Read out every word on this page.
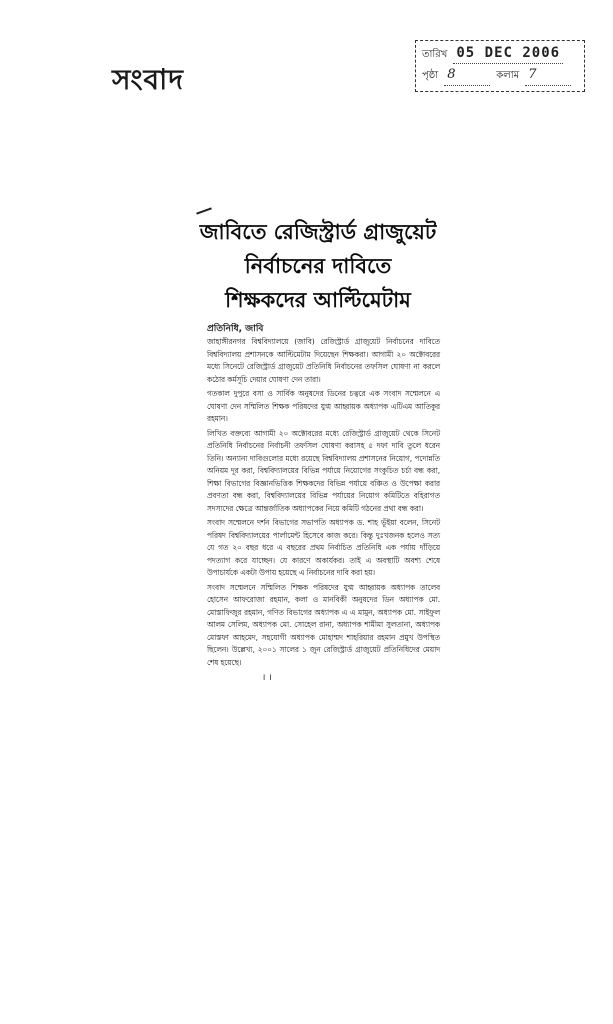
সংবাদ
তারিখ 05 DEC 2006
পৃষ্ঠা 8	কলাম 7
জাবিতে রেজিস্ট্রার্ড গ্রাজুয়েট
নির্বাচনের দাবিতে
শিক্ষকদের আল্টিমেটাম
প্রতিনিধি, জাবি

জাহাঙ্গীরনগর বিশ্ববিদ্যালয়ে (জাবি) রেজিস্ট্রার্ড গ্রাজুয়েট নির্বাচনের দাবিতে বিশ্ববিদ্যালয় প্রশাসনকে আল্টিমেটাম দিয়েছেন শিক্ষকরা। আগামী ২০ অক্টোবরের মধ্যে সিনেটে রেজিস্ট্রার্ড গ্রাজুয়েট প্রতিনিধি নির্বাচনের তফসিল ঘোষণা না করলে কঠোর কর্মসূচি দেয়ার ঘোষণা দেন তারা।

গতকাল দুপুরে বসা ও সার্বিক অনুষদের ডিনের চত্বরে এক সংবাদ সম্মেলনে এ ঘোষণা দেন সম্মিলিত শিক্ষক পরিষদের যুগ্ম আহ্বায়ক অধ্যাপক এটিএম আতিকুর রহমান।

লিখিত বক্তব্যে আগামী ২০ অক্টোবরের মধ্যে রেজিস্ট্রার্ড গ্রাজুয়েট থেকে সিনেট প্রতিনিধি নির্বাচনের নির্বাচনী তফসিল ঘোষণা করাসহ ৫ দফা দাবি তুলে ধরেন তিনি। অন্যান্য দাবিগুলোর মধ্যে রয়েছে বিশ্ববিদ্যালয় প্রশাসনের নিয়োগ, পদোন্নতি অনিয়ম দূর করা, বিশ্ববিদ্যালয়ের বিভিন্ন পর্যায়ে নিয়োগের সংকুচিত চর্চা বন্ধ করা, শিক্ষা বিভাগের বিজ্ঞানভিত্তিক শিক্ষকদের বিভিন্ন পর্যায়ে বঞ্চিত ও উপেক্ষা করার প্রবণতা বন্ধ করা, বিশ্ববিদ্যালয়ের বিভিন্ন পর্যায়ের নিয়োগ কমিটিতে বহিরাগত সদস্যদের ক্ষেত্রে আন্তর্জাতিক অধ্যাপকের নিয়ে কমিটি গঠনের প্রথা বন্ধ করা।

সংবাদ সম্মেলনে দর্শন বিভাগের সভাপতি অধ্যাপক ড. শাহ ভূঁইয়া বলেন, সিনেট পরিষদ বিশ্ববিদ্যালয়ের পার্লামেন্ট হিসেবে কাজ করে। কিন্তু দুঃখজনক হলেও সত্য যে গত ২০ বছর ধরে এ বছরের প্রথম নির্বাচিত প্রতিনিধি এক পর্যায় দাঁড়িয়ে পদত্যাগ করে যাচ্ছেন। যে কারণে অকার্যকর। তাই এ অবস্থাটি অবশ্য শেষে উপাচার্যকে একটা উপায় হয়েছে এ নির্বাচনের দাবি করা হয়।

সংবাদ সম্মেলনে সম্মিলিত শিক্ষক পরিষদের যুগ্ম আহ্বায়ক অধ্যাপক তালেব হোসেন আফরোজা রহমান, কলা ও মানবিকী অনুষদের ডিন অধ্যাপক মো. মোস্তাফিজুর রহমান, গণিত বিভাগের অধ্যাপক এ এ মামুন, অধ্যাপক মো. সাইফুল আলম সেলিম, অধ্যাপক মো. সোহেল রানা, অধ্যাপক শামীমা সুলতানা, অধ্যাপক মোস্তফা আহমেদ, সহযোগী অধ্যাপক মোহাম্মদ শাহরিয়ার রহমান প্রমুখ উপস্থিত ছিলেন। উল্লেখ্য, ২০০১ সালের ১ জুন রেজিস্ট্রার্ড গ্রাজুয়েট প্রতিনিধিদের মেয়াদ শেষ হয়েছে।

। ।
